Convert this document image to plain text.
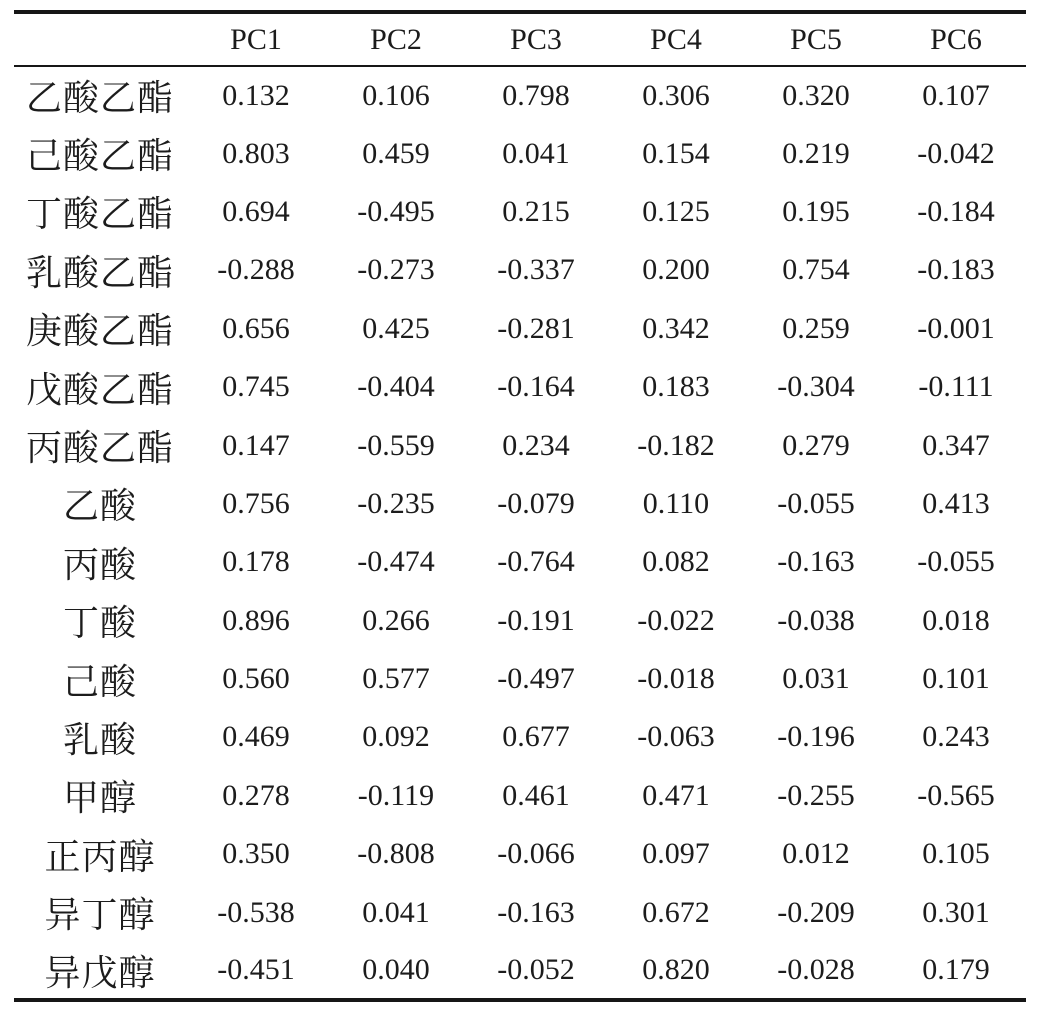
	PC1	PC2	PC3	PC4	PC5	PC6
乙酸乙酯	0.132	0.106	0.798	0.306	0.320	0.107
己酸乙酯	0.803	0.459	0.041	0.154	0.219	-0.042
丁酸乙酯	0.694	-0.495	0.215	0.125	0.195	-0.184
乳酸乙酯	-0.288	-0.273	-0.337	0.200	0.754	-0.183
庚酸乙酯	0.656	0.425	-0.281	0.342	0.259	-0.001
戊酸乙酯	0.745	-0.404	-0.164	0.183	-0.304	-0.111
丙酸乙酯	0.147	-0.559	0.234	-0.182	0.279	0.347
乙酸	0.756	-0.235	-0.079	0.110	-0.055	0.413
丙酸	0.178	-0.474	-0.764	0.082	-0.163	-0.055
丁酸	0.896	0.266	-0.191	-0.022	-0.038	0.018
己酸	0.560	0.577	-0.497	-0.018	0.031	0.101
乳酸	0.469	0.092	0.677	-0.063	-0.196	0.243
甲醇	0.278	-0.119	0.461	0.471	-0.255	-0.565
正丙醇	0.350	-0.808	-0.066	0.097	0.012	0.105
异丁醇	-0.538	0.041	-0.163	0.672	-0.209	0.301
异戊醇	-0.451	0.040	-0.052	0.820	-0.028	0.179
